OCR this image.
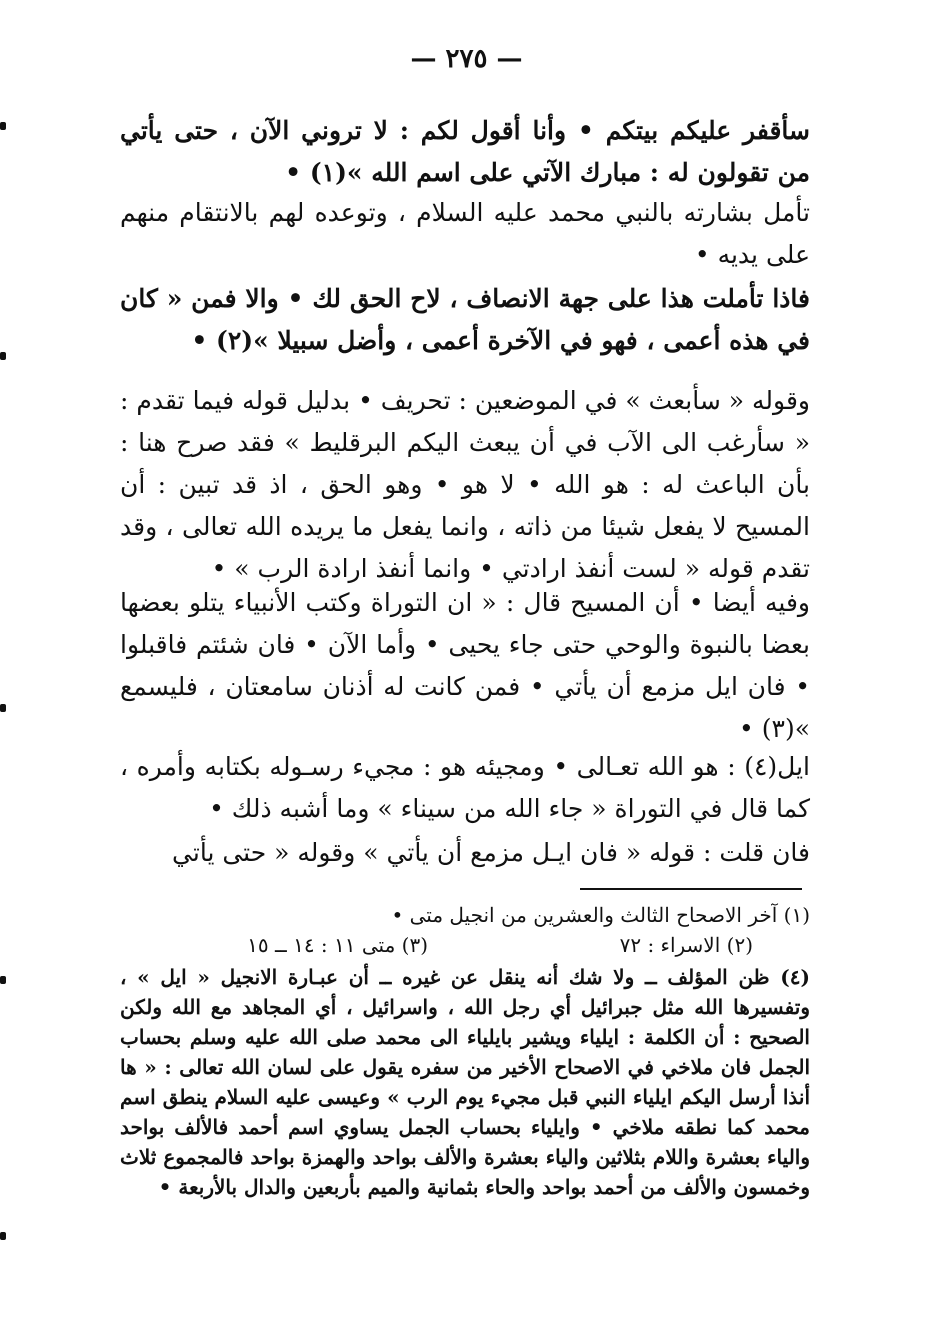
— ٢٧٥ —
سأقفر عليكم بيتكم • وأنا أقول لكم : لا تروني الآن ، حتى يأتي من تقولون له : مبارك الآتي على اسم الله »(١) •
تأمل بشارته بالنبي محمد عليه السلام ، وتوعده لهم بالانتقام منهم على يديه •
فاذا تأملت هذا على جهة الانصاف ، لاح الحق لك • والا فمن « كان في هذه أعمى ، فهو في الآخرة أعمى ، وأضل سبيلا »(٢) •
وقوله « سأبعث » في الموضعين : تحريف • بدليل قوله فيما تقدم : « سأرغب الى الآب في أن يبعث اليكم البرقليط » فقد صرح هنا : بأن الباعث له : هو الله • لا هو • وهو الحق ، اذ قد تبين : أن المسيح لا يفعل شيئا من ذاته ، وانما يفعل ما يريده الله تعالى ، وقد تقدم قوله « لست أنفذ ارادتي • وانما أنفذ ارادة الرب » •
وفيه أيضا • أن المسيح قال : « ان التوراة وكتب الأنبياء يتلو بعضها بعضا بالنبوة والوحي حتى جاء يحيى • وأما الآن • فان شئتم فاقبلوا • فان ايل مزمع أن يأتي • فمن كانت له أذنان سامعتان ، فليسمع »(٣) •
ايل(٤) : هو الله تعـالى • ومجيئه هو : مجيء رسـوله بكتابه وأمره ، كما قال في التوراة « جاء الله من سيناء » وما أشبه ذلك •
فان قلت : قوله « فان ايـل مزمع أن يأتي » وقوله « حتى يأتي
(١) آخر الاصحاح الثالث والعشرين من انجيل متى •
(٢) الاسراء : ٧٢
(٣) متى ١١ : ١٤ ــ ١٥
(٤) ظن المؤلف ــ ولا شك أنه ينقل عن غيره ــ أن عبـارة الانجيل « ايل » ، وتفسيرها الله مثل جبرائيل أي رجل الله ، واسرائيل ، أي المجاهد مع الله ولكن الصحيح : أن الكلمة : ايلياء ويشير بايلياء الى محمد صلى الله عليه وسلم بحساب الجمل فان ملاخي في الاصحاح الأخير من سفره يقول على لسان الله تعالى : « ها أنذا أرسل اليكم ايلياء النبي قبل مجيء يوم الرب » وعيسى عليه السلام ينطق اسم محمد كما نطقه ملاخي • وايلياء بحساب الجمل يساوي اسم أحمد فالألف بواحد والياء بعشرة واللام بثلاثين والياء بعشرة والألف بواحد والهمزة بواحد فالمجموع ثلاث وخمسون والألف من أحمد بواحد والحاء بثمانية والميم بأربعين والدال بالأربعة •
